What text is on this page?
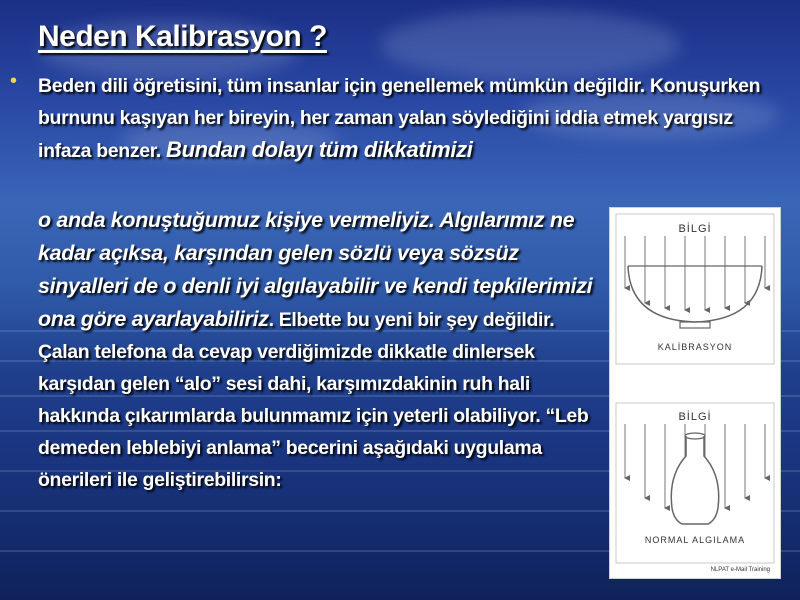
Neden Kalibrasyon ?
• Beden dili öğretisini, tüm insanlar için genellemek mümkün değildir. Konuşurken burnunu kaşıyan her bireyin, her zaman yalan söylediğini iddia etmek yargısız infaza benzer. Bundan dolayı tüm dikkatimizi
o anda konuştuğumuz kişiye vermeliyiz. Algılarımız ne kadar açıksa, karşından gelen sözlü veya sözsüz sinyalleri de o denli iyi algılayabilir ve kendi tepkilerimizi ona göre ayarlayabiliriz. Elbette bu yeni bir şey değildir. Çalan telefona da cevap verdiğimizde dikkatle dinlersek karşıdan gelen “alo” sesi dahi, karşımızdakinin ruh hali hakkında çıkarımlarda bulunmamız için yeterli olabiliyor. “Leb demeden leblebiyi anlama” becerini aşağıdaki uygulama önerileri ile geliştirebilirsin:
BİLGİ
KALİBRASYON
BİLGİ
NORMAL ALGILAMA
NLPAT e-Mail Training
